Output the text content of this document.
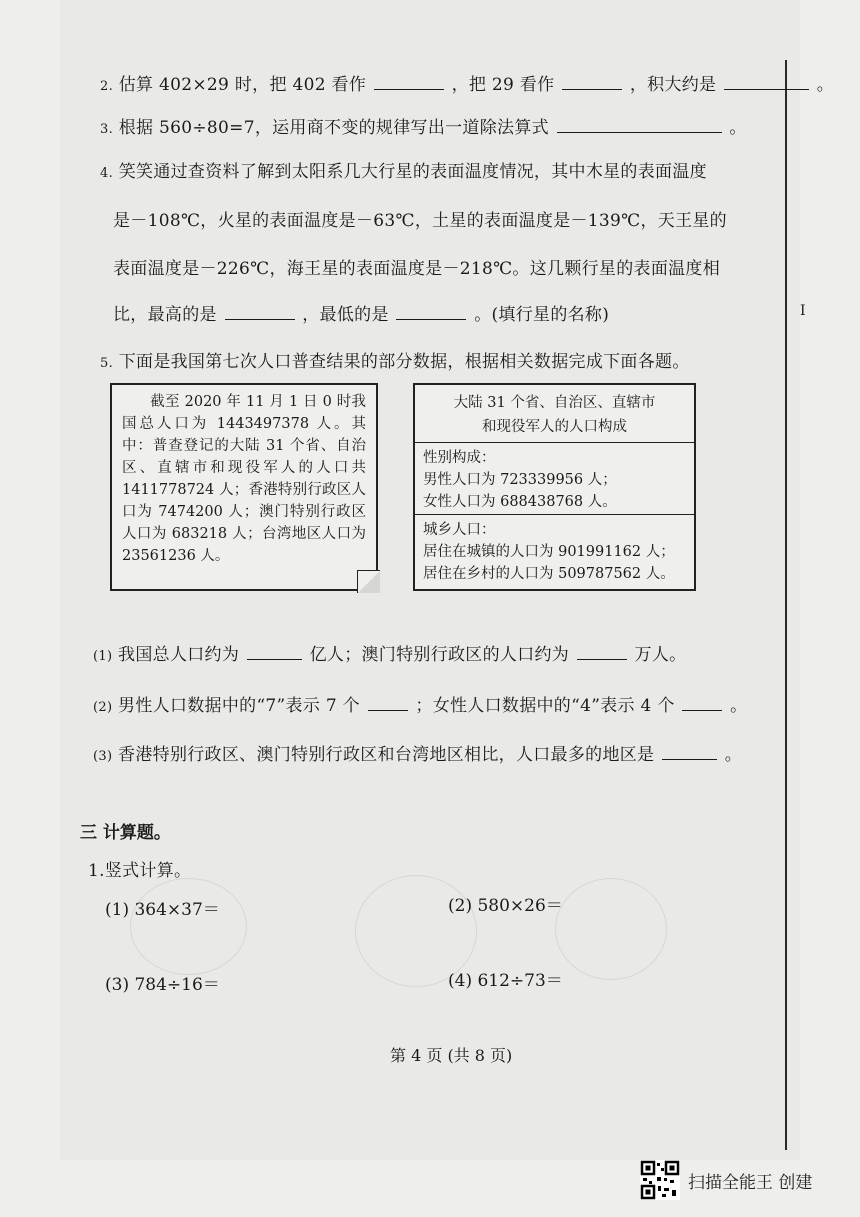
I
2. 估算 402×29 时，把 402 看作	，把 29 看作	，积大约是	。
3. 根据 560÷80=7，运用商不变的规律写出一道除法算式	。
4. 笑笑通过查资料了解到太阳系几大行星的表面温度情况，其中木星的表面温度
是－108℃，火星的表面温度是－63℃，土星的表面温度是－139℃，天王星的
表面温度是－226℃，海王星的表面温度是－218℃。这几颗行星的表面温度相
比，最高的是	，最低的是	。(填行星的名称)
5. 下面是我国第七次人口普查结果的部分数据，根据相关数据完成下面各题。
截至 2020 年 11 月 1 日 0 时我国总人口为 1443497378 人。其中：普查登记的大陆 31 个省、自治区、直辖市和现役军人的人口共 1411778724 人；香港特别行政区人口为 7474200 人；澳门特别行政区人口为 683218 人；台湾地区人口为 23561236 人。
大陆 31 个省、自治区、直辖市
和现役军人的人口构成
性别构成：
男性人口为 723339956 人；
女性人口为 688438768 人。
城乡人口：
居住在城镇的人口为 901991162 人；
居住在乡村的人口为 509787562 人。
(1) 我国总人口约为	亿人；澳门特别行政区的人口约为	万人。
(2) 男性人口数据中的“7”表示 7 个	；女性人口数据中的“4”表示 4 个	。
(3) 香港特别行政区、澳门特别行政区和台湾地区相比，人口最多的地区是	。
三 计算题。
1.竖式计算。
(1) 364×37＝	(2) 580×26＝
(3) 784÷16＝	(4) 612÷73＝
第 4 页 (共 8 页)
扫描全能王 创建
